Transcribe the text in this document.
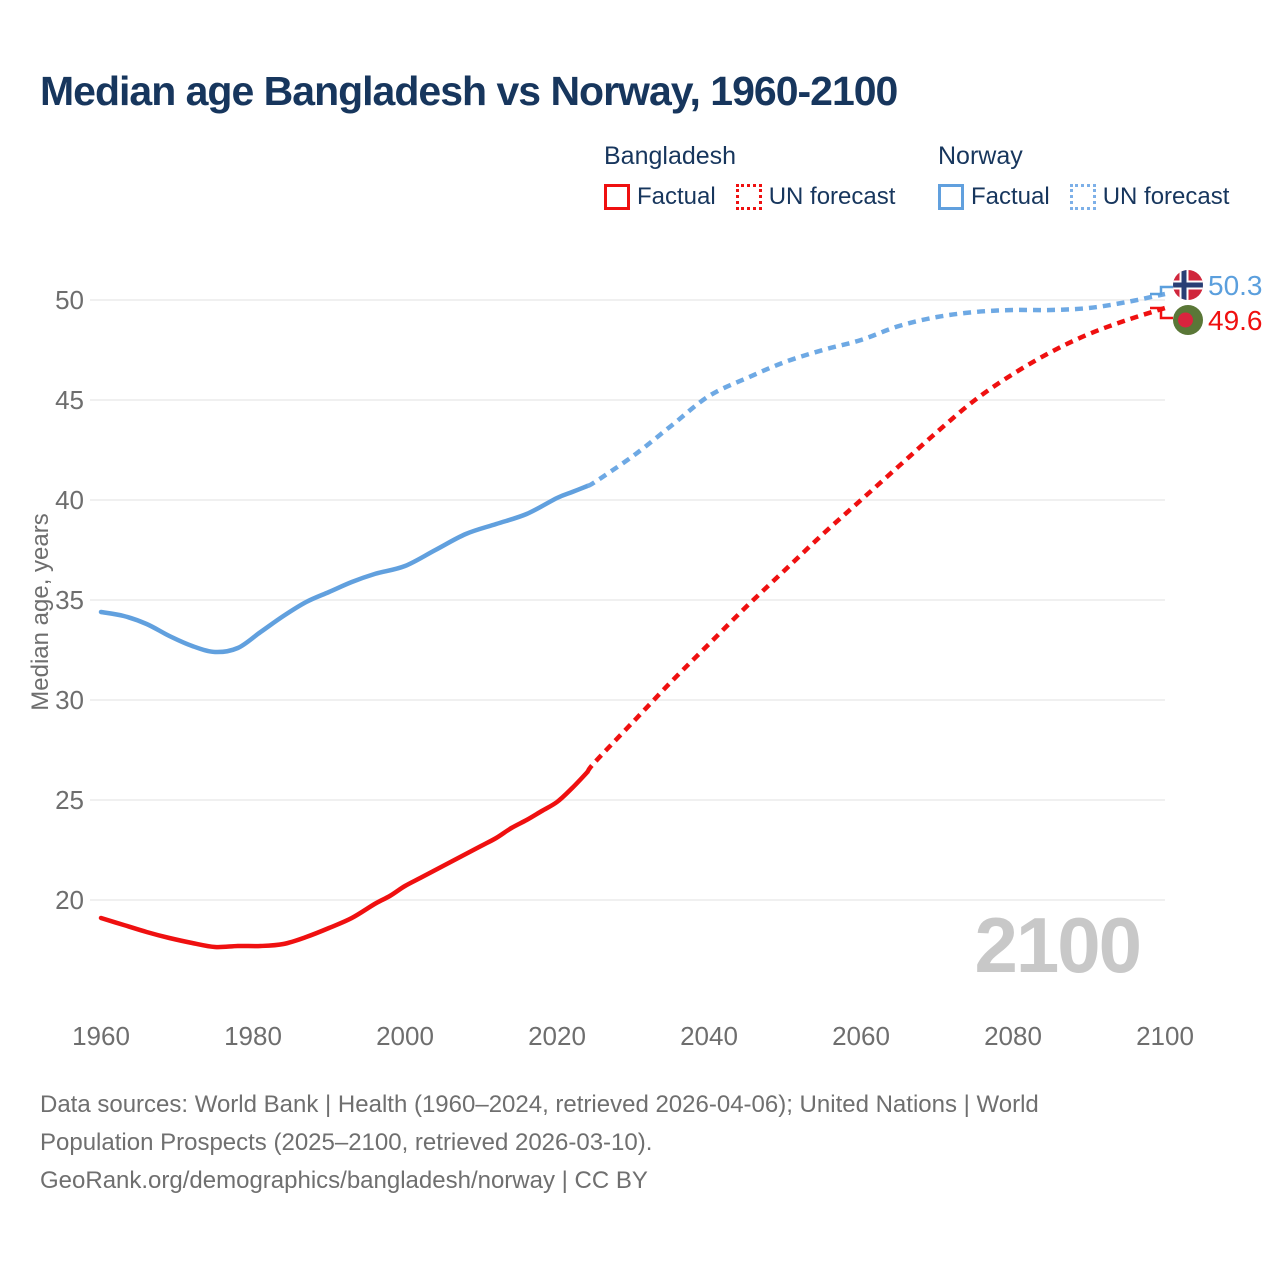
20
25
30
35
40
45
50
1960	1980	2000	2020	2040	2060	2080	2100
Median age, years
2100
50.3
49.6
Median age Bangladesh vs Norway, 1960-2100
Bangladesh
Factual UN forecast
Norway
Factual UN forecast
Data sources: World Bank | Health (1960–2024, retrieved 2026-04-06); United Nations | World
Population Prospects (2025–2100, retrieved 2026-03-10).
GeoRank.org/demographics/bangladesh/norway | CC BY
